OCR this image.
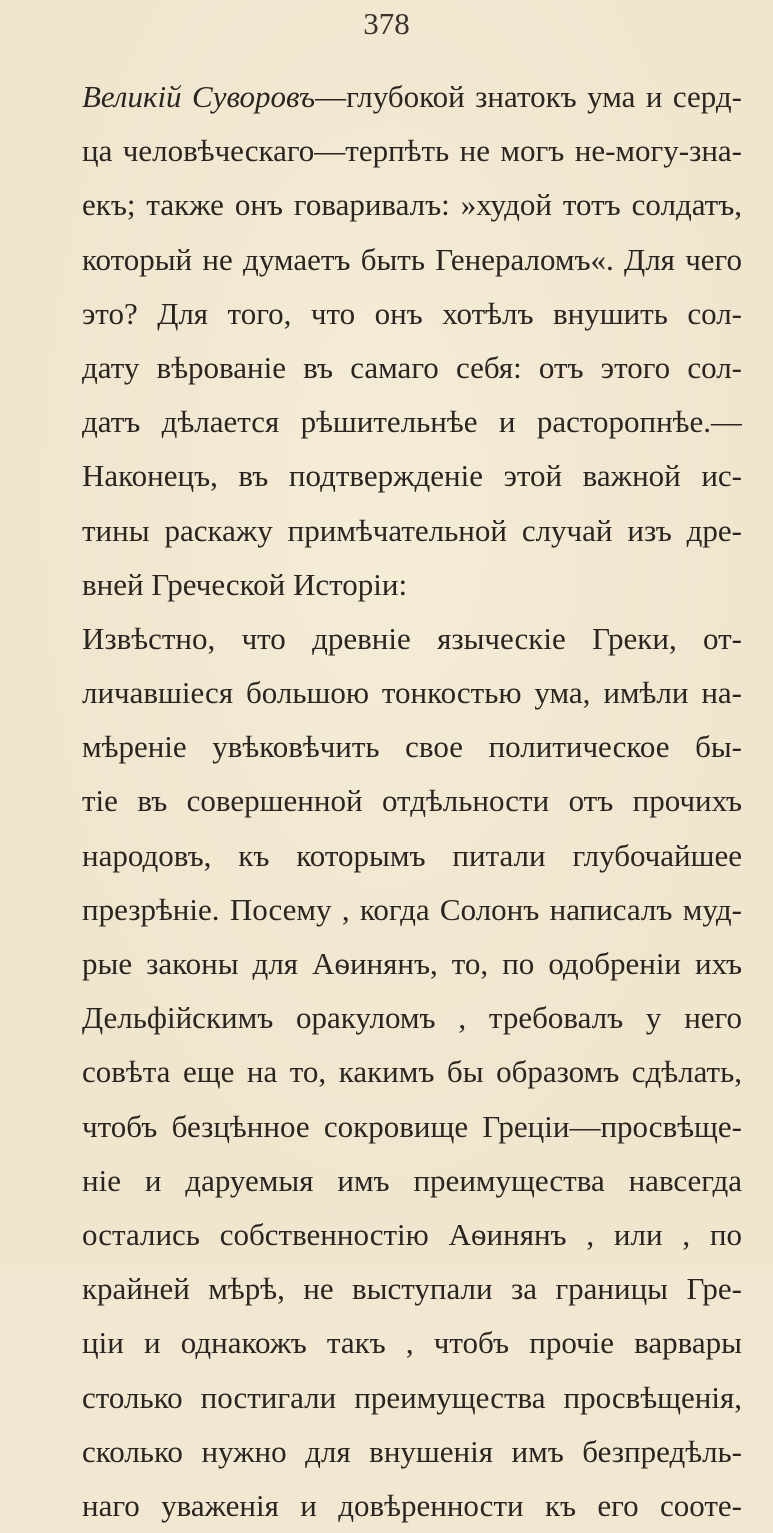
378
Великій Суворовъ—глубокой знатокъ ума и серд-
ца человѣческаго—терпѣть не могъ не-могу-зна-
екъ; также онъ говаривалъ: »худой тотъ солдатъ,
который не думаетъ быть Генераломъ«. Для чего
это? Для того, что онъ хотѣлъ внушить сол-
дату вѣрованіе въ самаго себя: отъ этого сол-
датъ дѣлается рѣшительнѣе и расторопнѣе.—
Наконецъ, въ подтвержденіе этой важной ис-
тины раскажу примѣчательной случай изъ дре-
вней Греческой Исторіи:
Извѣстно, что древніе языческіе Греки, от-
личавшіеся большою тонкостью ума, имѣли на-
мѣреніе увѣковѣчить свое политическое бы-
тіе въ совершенной отдѣльности отъ прочихъ
народовъ, къ которымъ питали глубочайшее
презрѣніе. Посему , когда Солонъ написалъ муд-
рые законы для Аѳинянъ, то, по одобреніи ихъ
Дельфійскимъ оракуломъ , требовалъ у него
совѣта еще на то, какимъ бы образомъ сдѣлать,
чтобъ безцѣнное сокровище Греціи—просвѣще-
ніе и даруемыя имъ преимущества навсегда
остались собственностію Аѳинянъ , или , по
крайней мѣрѣ, не выступали за границы Гре-
ціи и однакожъ такъ , чтобъ прочіе варвары
столько постигали преимущества просвѣщенія,
сколько нужно для внушенія имъ безпредѣль-
наго уваженія и довѣренности къ его сооте-
